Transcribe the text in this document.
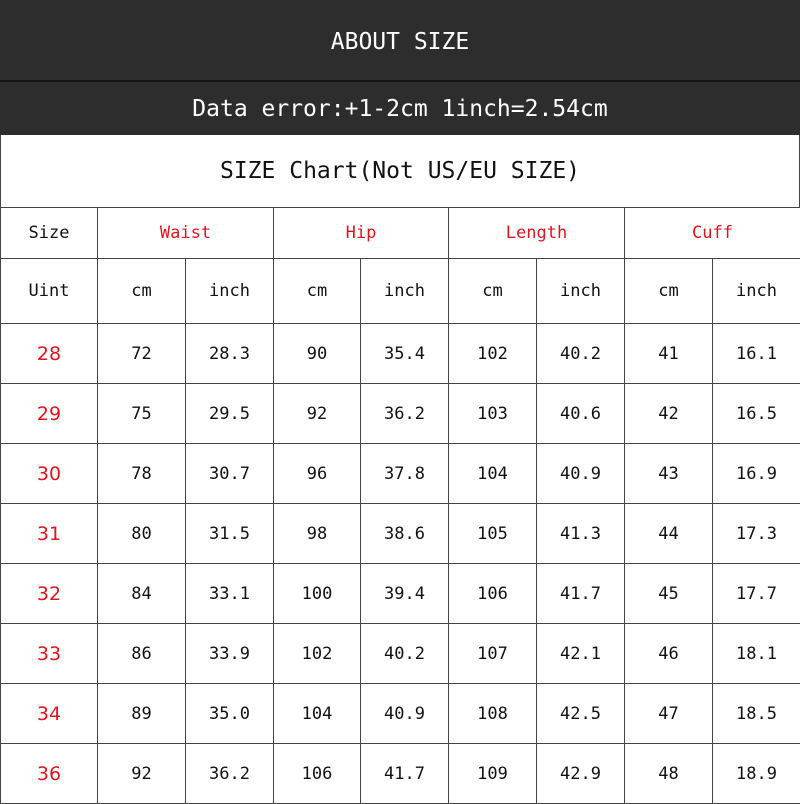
ABOUT SIZE
Data error:+1-2cm 1inch=2.54cm
SIZE Chart(Not US/EU SIZE)
Size	Waist		Hip		Length		Cuff	
Uint	cm	inch	cm	inch	cm	inch	cm	inch
28	72	28.3	90	35.4	102	40.2	41	16.1
29	75	29.5	92	36.2	103	40.6	42	16.5
30	78	30.7	96	37.8	104	40.9	43	16.9
31	80	31.5	98	38.6	105	41.3	44	17.3
32	84	33.1	100	39.4	106	41.7	45	17.7
33	86	33.9	102	40.2	107	42.1	46	18.1
34	89	35.0	104	40.9	108	42.5	47	18.5
36	92	36.2	106	41.7	109	42.9	48	18.9
